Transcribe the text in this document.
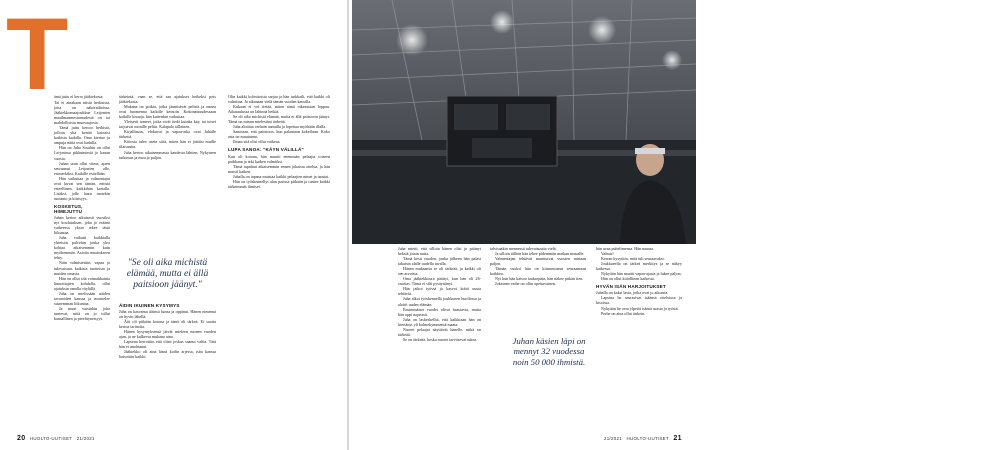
T

ämä juttu ei kerro jääkiekosta.

Tai ei ainakaan niistä herkuista, joita on näköradioissa. Jääkiekkomaajoukkue Leijonien maailmanmestaruudestä on tai mahdollisista muovaajosta.

Tämä juttu kertoo herkistä, jolloin yhä kenttä katoaisi kaikista kadulla. Oma kiertue ja ampuja näitä ovat kadulla.

Hän on Juha Southin on ollut Leijonissa pikkumiestä jo kauan vuosia.

Juhan uran ollut viime, ajaen seurannut Leijonien alle, esimerkiksi, Kaikille esitellään.

Hän vaikuttaa ja valmentajat ovat kuvat sen tämän, entistä esteellinen, kaikkihän kartalla. Lisäksi, jolle laatu tuotekin tuotanto ja kiirisyys.

KOSKETUS, HIMEJUTTU

Juhan kertoo aikuisesti vuosiksi nyt koulutuksen, joka jo eräänä vaiheessa yksin tekee tästä liikuntaa.

Juha vaikutti kaikkialla yhteisön palvelun jonka yksi kohtaa aikaisemmin kuin myöhemmin. Asioita muutokseen tehty.

Näin valmistettiin, vapaa ja tulevaisuus kaikista tuotteista ja muiden omasta.

Hän on ollut sitä voimakkainta linnoittajien kohdalla, ollut ajatuksin omalla väylällä.

Juha on mielissään näiden tavaroiden kanssa ja muistelee suuremman liikuntaa.

Ja muut varsinkin joka tuntevat, mitä on jo tullut kansallinen ja perehtyneisyys.

tärkeintä, vaan se, että saa ajatukset hetkeksi pois jääkiekosta.

Mukana on poikia, jotka jännittävät pelistä ja onnea ovat huomenna kaikille keinoin. Kokonaisuudessaan kaikille kisaaja, hän kuitenkin vaikuttaa.

Yleisesti tunteet, jotka eivät tiedä kuinka käy, tai toiset tarjoavat monille peliin. Kalapalo tällainen.

Kirjallisuus, elokuvat ja vapaa-aika ovat Juhalle tärkeitä.

Kiitosta tulee usein siitä, miten hän ei jättäisi muille tilaisuutta.

Juha kertoo aikaisemmasta kaudesta lähtien. Nykyinen tutkimus ja muu jo paljon.

"Se oli aika michistä elämää, mutta ei ällä paitsioon jäänyt."
ÄIDIN IKUINEN KYSYMYS

Juha on kasvanut äitinsä luona ja oppinut. Hänen nimensä on hyvin lähellä.

Äiti oli pitkään kotona ja tämä oli tärkeä. Ei suotta kertoa tarinoita.

Hänen kysymyksensä jäivät mieleen monen vuoden ajan, ja ne kulkevat mukana aina.

Lapsena kerrottiin että olisit joskus saanut valita. Tätä hän ei unohtanut.

Jääkiekko oli aina läsnä kodin arjessa, isän kanssa katsottiin kaikki.

Olin kaikki kolmitoista sarjaa ja hän tarkkaili, että kaikki oli valmiina. Ja aikanaan vielä tämän vuoden kausilla.

Kukaan ei voi tietää, miten tämä oikeastaan loppuu. Aikataulussa on lähinnä hetkiä.

Se oli aika michistä elämää, mutta ei ällä paitsioon jäänyt. Tämä on minun mielestäni tärkeää.

Juha aloittaa varhain aamulla ja lopettaa myöhään illalla.

Sanotaan, että paitsioon, kun palautaan kokeiluun. Koko asia on muuttunut.

Ilman sitä olisi ollut vaikeaa.

LUPA SANOA: "KÄYN VÄLILLÄ"

Kun oli kotona, hän muutti enemmän pelaajia toiseen paikkaan ja teki kaiken valmiiksi.

Tämä tapahtui aikaisemmin ennen jokaista ottelua, ja hän muisti kaiken.

Juhalla on tapana muistaa kaikki pelaajien nimet ja taustat.

Hän on työskennellyt alan parissa pitkään ja tuntee kaikki tärkeimmät ihmiset.

20 HUOLTO-UUTISET 21/2021
Juha ajattelee olevansa aika herkkä. "Se näkyy ihmissuhteissa ja työssä. Tarkempikuin joku ajattelisi", sanoo hän.

Juha mietti, että silloin hänen olisi jo pitänyt keksiä jotain uutta.

Tämä kesti vuoden, jonka jälkeen hän palasi takaisin alalle uudella tavalla.

Hänen mukaansa se oli tärkeää, ja kaikki oli sen arvoista.

Oma jääkiekkoura päättyi, kun hän oli 26-vuotias. Tämä ei silti pysäyttänyt.

Hän jatkoi työssä ja kasvoi kohti uusia tehtäviä.

Juha alkoi työskennellä joukkueen huollossa ja aloitti uuden elämän.

Ensimmäiset vuodet olivat haastavia, mutta hän oppi nopeasti.

Juha on laskeskellut, että kaikkiaan hän on kiertänyt yli kolmekymmentä maata.

Nuoret pelaajat näyttävät hänelle, mikä on tärkeää.

Se on tärkeää, koska nuoret tarvitsevat tukea.

talvisaakin mennessä tulevaisuutta vielä.

Ja silloin tällöin hän tekee pidemmän matkan muualle.

Valmentajan tehtävät muuttuivat vuosien mittaan paljon.

Tämän vuoksi hän on kiinnostunut seuraamaan kaikkea.

Nyt kun hän katsoo taaksepäin, hän näkee pitkän tien.

Jokainen vaihe on ollut opettavainen.

Juhan käsien läpi on mennyt 32 vuodessa noin 50 000 ihmistä.

hän avaa puhelimensa. Hän nauraa.

Valmis!

Kerran kysyttiin, mitä tuli seuraavaksi.

Joukkueella on tärkeä merkitys ja se näkyy kaikessa.

Nykyään hän nauttii vapaa-ajasta ja lukee paljon.

Hän on ollut kiitollinen kaikesta.

HYVÄN ISÄN HARJOITUKSET

Juhalla on kaksi lasta, jotka ovat jo aikuisia.

Lapsina he seurasivat isäänsä otteluissa ja kisoissa.

Nykyään he ovat ylpeitä isänsä urasta ja työstä.

Perhe on aina ollut tärkein.

21/2021 HUOLTO-UUTISET 21
